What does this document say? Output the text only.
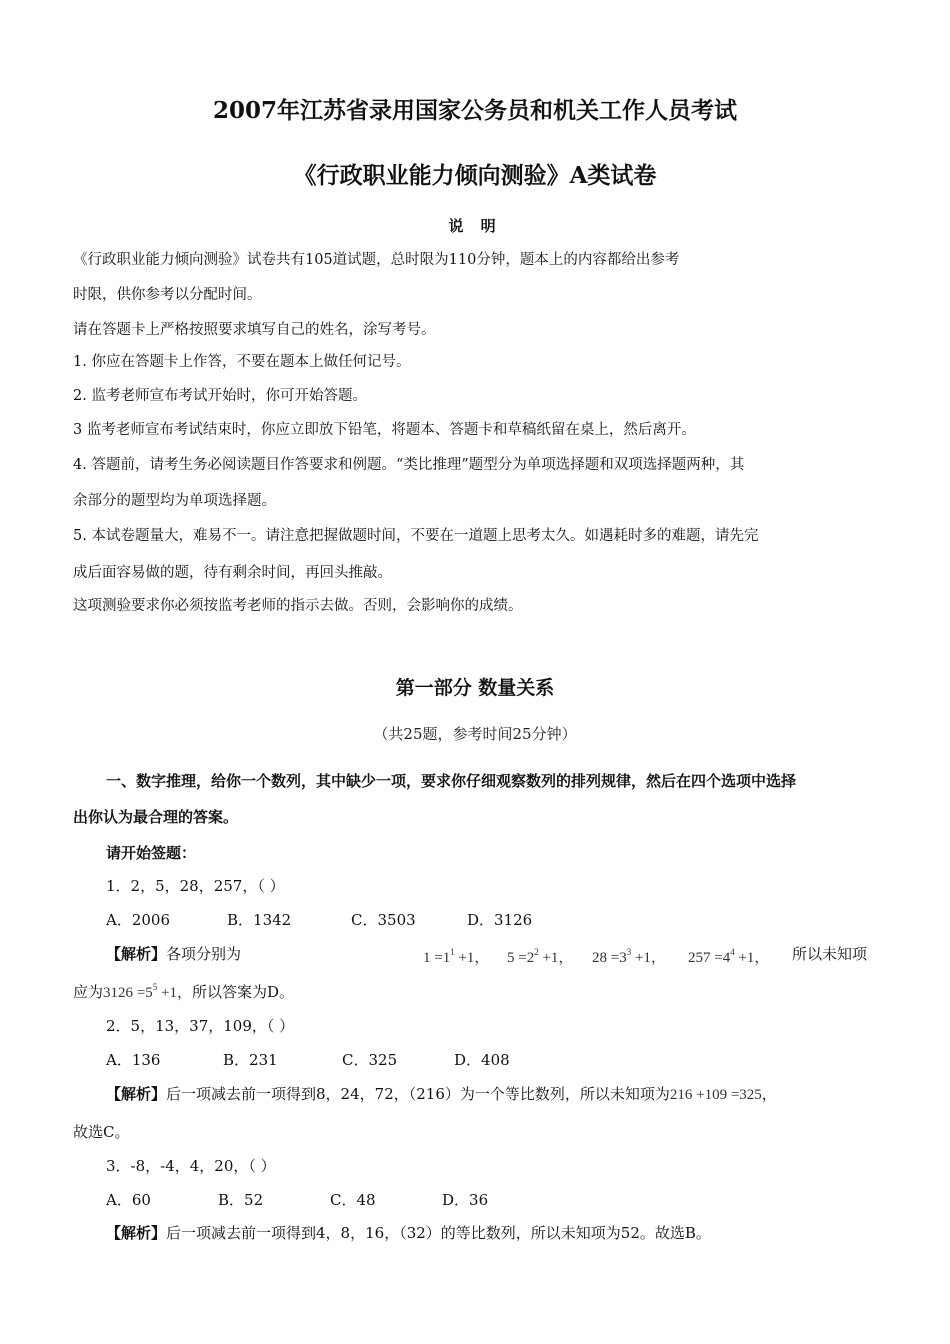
2007年江苏省录用国家公务员和机关工作人员考试
《行政职业能力倾向测验》A类试卷
说 明
《行政职业能力倾向测验》试卷共有105道试题，总时限为110分钟，题本上的内容都给出参考
时限，供你参考以分配时间。
请在答题卡上严格按照要求填写自己的姓名，涂写考号。
1. 你应在答题卡上作答，不要在题本上做任何记号。
2. 监考老师宣布考试开始时，你可开始答题。
3 监考老师宣布考试结束时，你应立即放下铅笔，将题本、答题卡和草稿纸留在桌上，然后离开。
4. 答题前，请考生务必阅读题目作答要求和例题。“类比推理”题型分为单项选择题和双项选择题两种，其
余部分的题型均为单项选择题。
5. 本试卷题量大，难易不一。请注意把握做题时间，不要在一道题上思考太久。如遇耗时多的难题，请先完
成后面容易做的题，待有剩余时间，再回头推敲。
这项测验要求你必须按监考老师的指示去做。否则，会影响你的成绩。
第一部分 数量关系
（共25题，参考时间25分钟）
一、数字推理，给你一个数列，其中缺少一项，要求你仔细观察数列的排列规律，然后在四个选项中选择
出你认为最合理的答案。
请开始签题：
1．2，5，28，257，（ ）
A．2006	B．1342	C．3503	D．3126
【解析】各项分别为	$1 =1^1 +1$， $5 =2^2 +1$， $28 =3^3 +1$， $257 =4^4 +1$， 所以未知项
应为$3126 =5^5 +1$，所以答案为D。
2．5，13，37，109，（ ）
A．136	B．231	C．325	D．408
【解析】后一项减去前一项得到8，24，72，（216）为一个等比数列，所以未知项为216 +109 =325，
故选C。
3．-8，-4，4，20，（ ）
A．60	B．52	C．48	D．36
【解析】后一项减去前一项得到4，8，16，（32）的等比数列，所以未知项为52。故选B。
